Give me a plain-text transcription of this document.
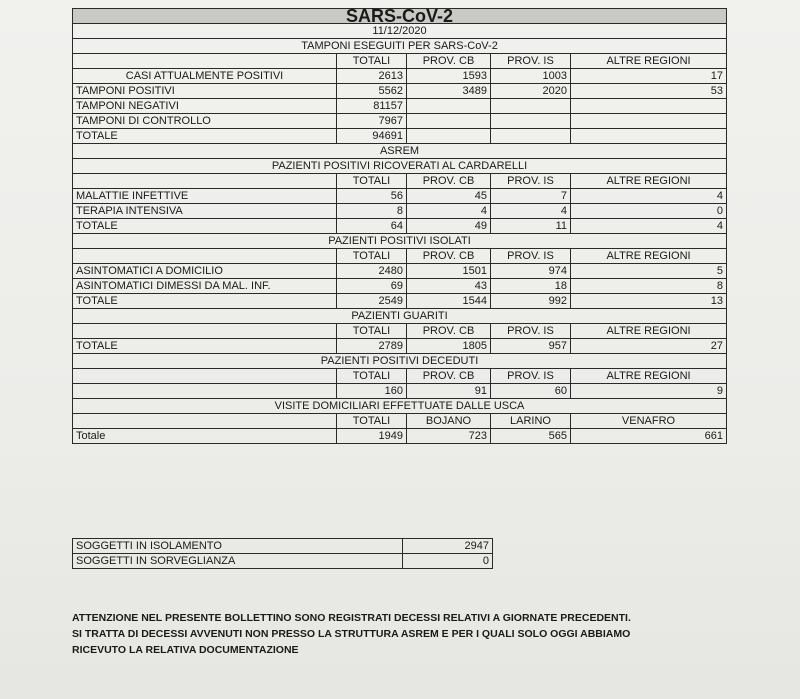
SARS-CoV-2				
11/12/2020				
TAMPONI ESEGUITI PER SARS-CoV-2				
	TOTALI	PROV. CB	PROV. IS	ALTRE REGIONI
CASI ATTUALMENTE POSITIVI	2613	1593	1003	17
TAMPONI POSITIVI	5562	3489	2020	53
TAMPONI NEGATIVI	81157			
TAMPONI DI CONTROLLO	7967			
TOTALE	94691			
ASREM				
PAZIENTI POSITIVI RICOVERATI AL CARDARELLI				
	TOTALI	PROV. CB	PROV. IS	ALTRE REGIONI
MALATTIE INFETTIVE	56	45	7	4
TERAPIA INTENSIVA	8	4	4	0
TOTALE	64	49	11	4
PAZIENTI POSITIVI ISOLATI				
	TOTALI	PROV. CB	PROV. IS	ALTRE REGIONI
ASINTOMATICI A DOMICILIO	2480	1501	974	5
ASINTOMATICI DIMESSI DA MAL. INF.	69	43	18	8
TOTALE	2549	1544	992	13
PAZIENTI GUARITI				
	TOTALI	PROV. CB	PROV. IS	ALTRE REGIONI
TOTALE	2789	1805	957	27
PAZIENTI POSITIVI DECEDUTI				
	TOTALI	PROV. CB	PROV. IS	ALTRE REGIONI
	160	91	60	9
VISITE DOMICILIARI EFFETTUATE DALLE USCA				
	TOTALI	BOJANO	LARINO	VENAFRO
Totale	1949	723	565	661
SOGGETTI IN ISOLAMENTO	2947
SOGGETTI IN SORVEGLIANZA	0
ATTENZIONE NEL PRESENTE BOLLETTINO SONO REGISTRATI DECESSI RELATIVI A GIORNATE PRECEDENTI.
SI TRATTA DI DECESSI AVVENUTI NON PRESSO LA STRUTTURA ASREM E PER I QUALI SOLO OGGI ABBIAMO
RICEVUTO LA RELATIVA DOCUMENTAZIONE
